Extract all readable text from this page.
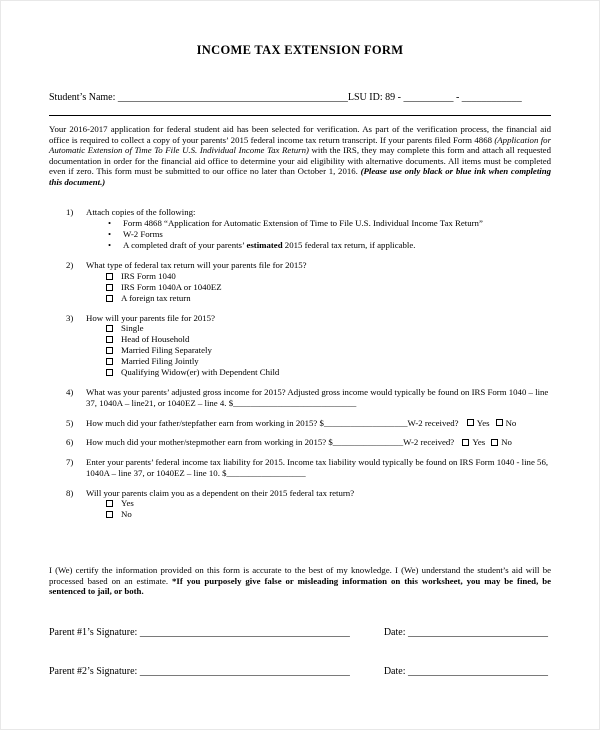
INCOME TAX EXTENSION FORM
Student’s Name: ______________________________________________LSU ID: 89 - __________ - ____________
Your 2016-2017 application for federal student aid has been selected for verification. As part of the verification process, the financial aid office is required to collect a copy of your parents’ 2015 federal income tax return transcript. If your parents filed Form 4868 (Application for Automatic Extension of Time To File U.S. Individual Income Tax Return) with the IRS, they may complete this form and attach all requested documentation in order for the financial aid office to determine your aid eligibility with alternative documents. All items must be completed even if zero. This form must be submitted to our office no later than October 1, 2016. (Please use only black or blue ink when completing this document.)
1)	Attach copies of the following:
•	Form 4868 “Application for Automatic Extension of Time to File U.S. Individual Income Tax Return”
•	W-2 Forms
•	A completed draft of your parents’ estimated 2015 federal tax return, if applicable.
2)	What type of federal tax return will your parents file for 2015?
IRS Form 1040
IRS Form 1040A or 1040EZ
A foreign tax return
3)	How will your parents file for 2015?
Single
Head of Household
Married Filing Separately
Married Filing Jointly
Qualifying Widow(er) with Dependent Child
4)	What was your parents’ adjusted gross income for 2015? Adjusted gross income would typically be found on IRS Form 1040 – line 37, 1040A – line21, or 1040EZ – line 4. $____________________________
5)	How much did your father/stepfather earn from working in 2015? $___________________W-2 received? Yes No
6)	How much did your mother/stepmother earn from working in 2015? $________________W-2 received? Yes No
7)	Enter your parents’ federal income tax liability for 2015. Income tax liability would typically be found on IRS Form 1040 - line 56, 1040A – line 37, or 1040EZ – line 10. $__________________
8)	Will your parents claim you as a dependent on their 2015 federal tax return?
Yes
No
I (We) certify the information provided on this form is accurate to the best of my knowledge. I (We) understand the student’s aid will be processed based on an estimate. *If you purposely give false or misleading information on this worksheet, you may be fined, be sentenced to jail, or both.
Parent #1’s Signature: __________________________________________	Date: ____________________________
Parent #2’s Signature: __________________________________________	Date: ____________________________
